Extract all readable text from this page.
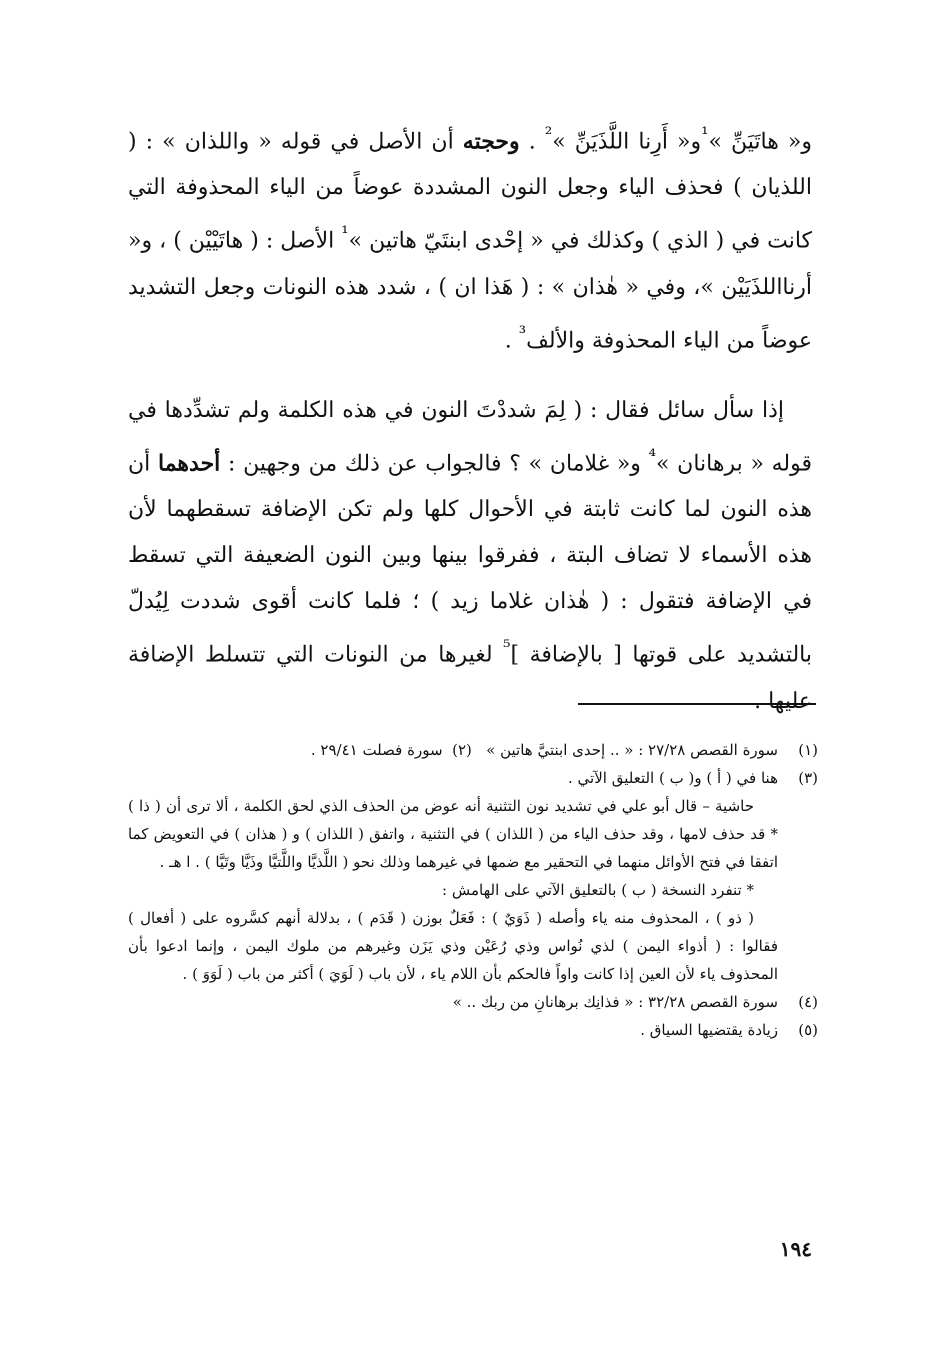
و« هاتَيَنِّ »$^{^1}$و« أَرِنا اللَّذَيَنِّ »$^{^2}$ . وحجته أن الأصل في قوله « واللذان » : ( اللذيان ) فحذف الياء وجعل النون المشددة عوضاً من الياء المحذوفة التي كانت في ( الذي ) وكذلك في « إحْدى ابنتَيّ هاتين »$^{^1}$ الأصل : ( هاتَيْيْن ) ، و« أرنااللذَيَيْن »، وفي « هٰذان » : ( هَذا ان ) ، شدد هذه النونات وجعل التشديد عوضاً من الياء المحذوفة والألف$^{^3}$ .

إذا سأل سائل فقال : ( لِمَ شددْتَ النون في هذه الكلمة ولم تشدِّدها في قوله « برهانان »$^{^4}$ و« غلامان » ؟ فالجواب عن ذلك من وجهين : أحدهما أن هذه النون لما كانت ثابتة في الأحوال كلها ولم تكن الإضافة تسقطهما لأن هذه الأسماء لا تضاف البتة ، ففرقوا بينها وبين النون الضعيفة التي تسقط في الإضافة فتقول : ( هٰذان غلاما زيد ) ؛ فلما كانت أقوى شددت لِيُدلّ بالتشديد على قوتها [ بالإضافة ]$^{^5}$ لغيرها من النونات التي تتسلط الإضافة عليها .

(١)
سورة القصص ٢٧/٢٨ : « .. إحدى ابنتيَّ هاتين »   (٢)  سورة فصلت ٢٩/٤١ .

(٣)
هنا في ( أ ) و( ب ) التعليق الآتي .

حاشية – قال أبو علي في تشديد نون التثنية أنه عوض من الحذف الذي لحق الكلمة ، ألا ترى أن ( ذا ) * قد حذف لامها ، وقد حذف الياء من ( اللذان ) في التثنية ، واتفق ( اللذان ) و ( هذان ) في التعويض كما اتفقا في فتح الأوائل منهما في التحقير مع ضمها في غيرهما وذلك نحو ( اللَّذيَّا واللَّتيَّا وذَيَّا وتَيَّا ) . ا هـ .

* تنفرد النسخة ( ب ) بالتعليق الآتي على الهامش :

( ذو ) ، المحذوف منه ياء وأصله ( ذَوَيٌ ) : فَعَلٌ بوزن ( قَدَم ) ، بدلالة أنهم كسَّروه على ( أفعال ) فقالوا : ( أذواء اليمن ) لذي نُواس وذي رُعَيْن وذي يَزَن وغيرهم من ملوك اليمن ، وإنما ادعوا بأن المحذوف ياء لأن العين إذا كانت واواً فالحكم بأن اللام ياء ، لأن باب ( لَوَيَ ) أكثر من باب ( لَوَوَ ) .

(٤)
سورة القصص ٣٢/٢٨ : « فذانِك برهانانِ من ربك .. »

(٥)
زيادة يقتضيها السياق .

١٩٤
